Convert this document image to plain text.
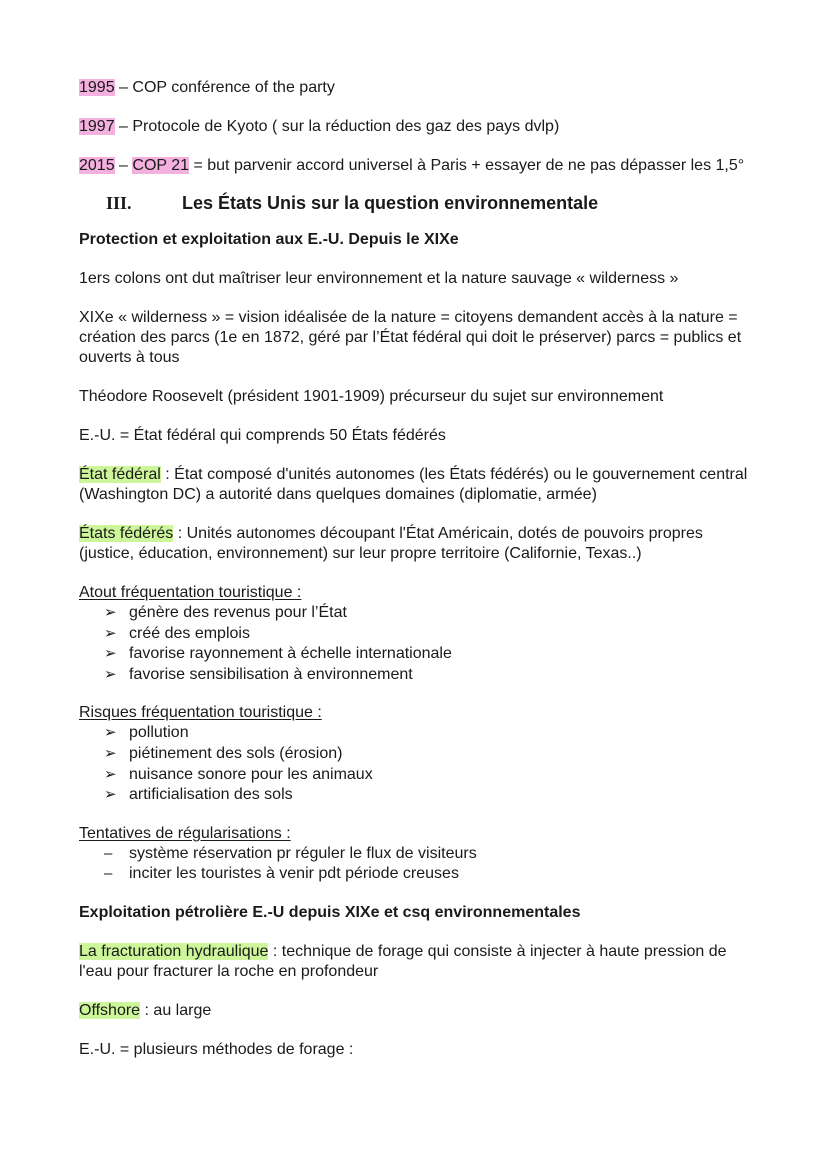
1995 – COP conférence of the party

1997 – Protocole de Kyoto ( sur la réduction des gaz des pays dvlp)

2015 – COP 21 = but parvenir accord universel à Paris + essayer de ne pas dépasser les 1,5°

III.	Les États Unis sur la question environnementale
Protection et exploitation aux E.-U. Depuis le XIXe

1ers colons ont dut maîtriser leur environnement et la nature sauvage « wilderness »

XIXe « wilderness » = vision idéalisée de la nature = citoyens demandent accès à la nature = création des parcs (1e en 1872, géré par l’État fédéral qui doit le préserver) parcs = publics et ouverts à tous

Théodore Roosevelt (président 1901-1909) précurseur du sujet sur environnement

E.-U. = État fédéral qui comprends 50 États fédérés

État fédéral : État composé d'unités autonomes (les États fédérés) ou le gouvernement central (Washington DC) a autorité dans quelques domaines (diplomatie, armée)

États fédérés : Unités autonomes découpant l'État Américain, dotés de pouvoirs propres (justice, éducation, environnement) sur leur propre territoire (Californie, Texas..)

Atout fréquentation touristique :

➢ génère des revenus pour l’État
➢ créé des emplois
➢ favorise rayonnement à échelle internationale
➢ favorise sensibilisation à environnement

Risques fréquentation touristique :

➢ pollution
➢ piétinement des sols (érosion)
➢ nuisance sonore pour les animaux
➢ artificialisation des sols

Tentatives de régularisations :

– système réservation pr réguler le flux de visiteurs
– inciter les touristes à venir pdt période creuses
Exploitation pétrolière E.-U depuis XIXe et csq environnementales

La fracturation hydraulique : technique de forage qui consiste à injecter à haute pression de l'eau pour fracturer la roche en profondeur

Offshore : au large

E.-U. = plusieurs méthodes de forage :
